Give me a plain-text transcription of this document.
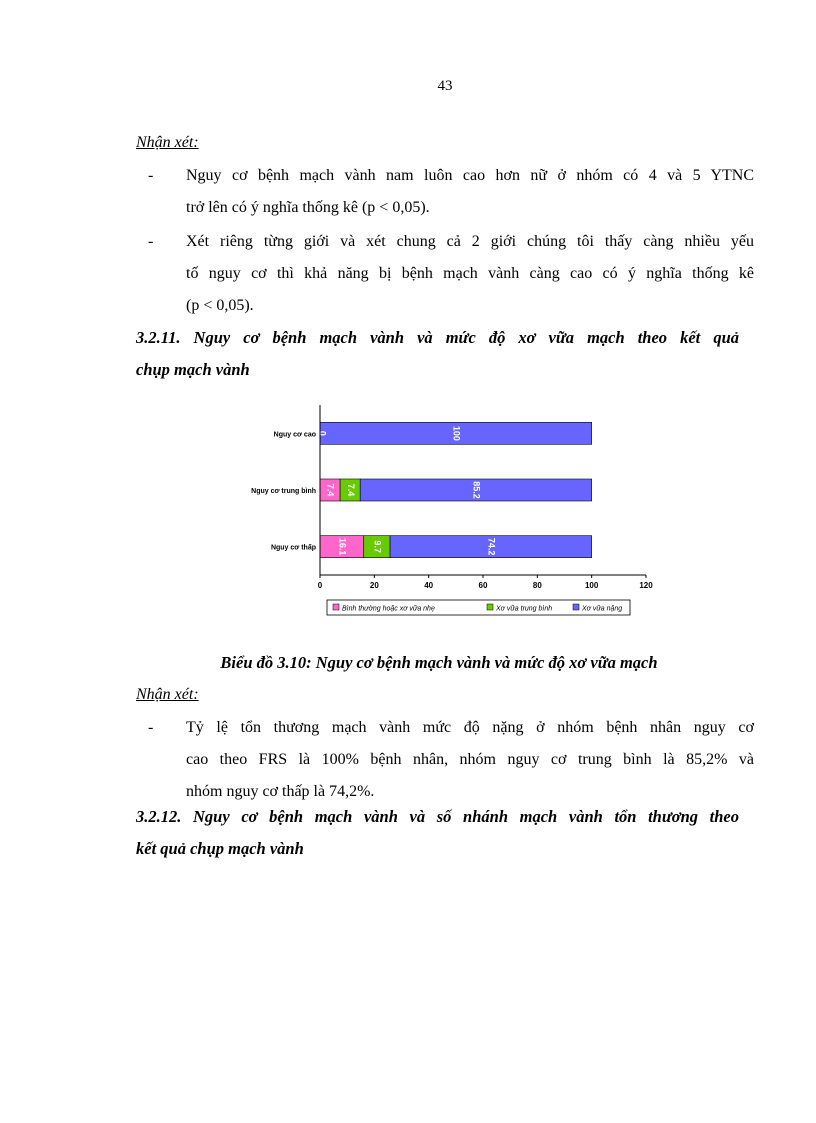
43
Nhận xét:
- Nguy cơ bệnh mạch vành nam luôn cao hơn nữ ở nhóm có 4 và 5 YTNC
trở lên có ý nghĩa thống kê (p < 0,05).
- Xét riêng từng giới và xét chung cả 2 giới chúng tôi thấy càng nhiều yếu
tố nguy cơ thì khả năng bị bệnh mạch vành càng cao có ý nghĩa thống kê
(p < 0,05).
3.2.11. Nguy cơ bệnh mạch vành và mức độ xơ vữa mạch theo kết quả
chụp mạch vành
0	100
7.4 7.4	85.2
16.1	9.7	74.2
Nguy cơ cao
Nguy cơ trung bình
Nguy cơ thấp
0	20	40	60	80	100	120
Bình thường hoặc xơ vữa nhẹ	Xơ vữa trung bình	Xơ vữa nặng
Biểu đồ 3.10: Nguy cơ bệnh mạch vành và mức độ xơ vữa mạch
Nhận xét:
- Tỷ lệ tổn thương mạch vành mức độ nặng ở nhóm bệnh nhân nguy cơ
cao theo FRS là 100% bệnh nhân, nhóm nguy cơ trung bình là 85,2% và
nhóm nguy cơ thấp là 74,2%.
3.2.12. Nguy cơ bệnh mạch vành và số nhánh mạch vành tổn thương theo
kết quả chụp mạch vành
